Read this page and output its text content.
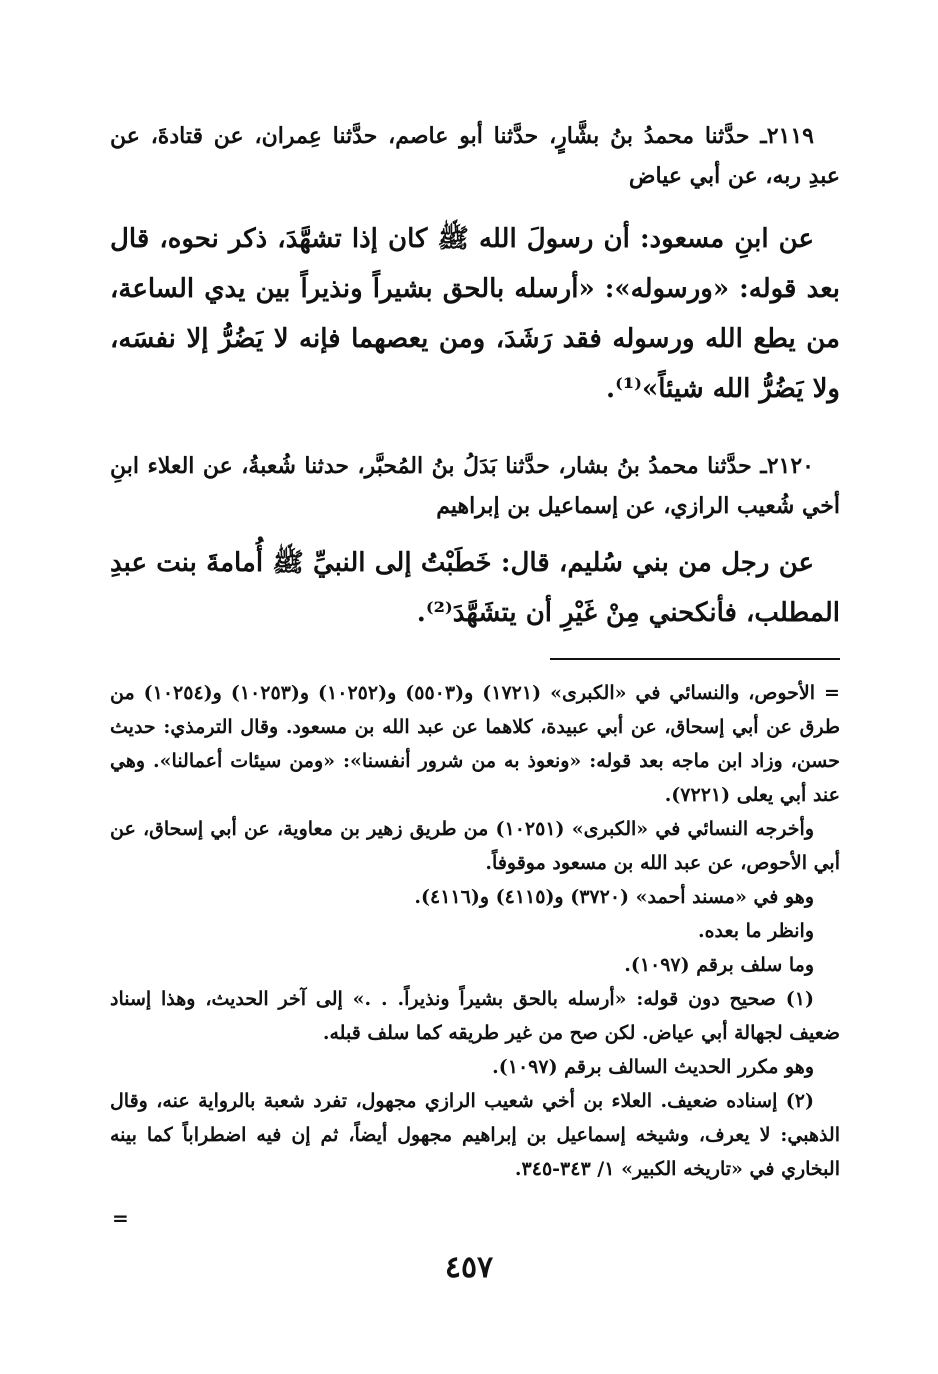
٢١١٩ـ حدَّثنا محمدُ بنُ بشَّارٍ، حدَّثنا أبو عاصم، حدَّثنا عِمران، عن قتادةَ، عن عبدِ ربه، عن أبي عياض

عن ابنِ مسعود: أن رسولَ الله ﷺ كان إذا تشهَّدَ، ذكر نحوه، قال بعد قوله: «ورسوله»: «أرسله بالحق بشيراً ونذيراً بين يدي الساعة، من يطع الله ورسوله فقد رَشَدَ، ومن يعصهما فإنه لا يَضُرُّ إلا نفسَه، ولا يَضُرُّ الله شيئاً»⁽¹⁾.

٢١٢٠ـ حدَّثنا محمدُ بنُ بشار، حدَّثنا بَدَلُ بنُ المُحبَّر، حدثنا شُعبةُ، عن العلاء ابنِ أخي شُعيب الرازي، عن إسماعيل بن إبراهيم

عن رجل من بني سُليم، قال: خَطَبْتُ إلى النبيِّ ﷺ أُمامةَ بنت عبدِ المطلب، فأنكحني مِنْ غَيْرِ أن يتشَهَّدَ⁽²⁾.

= الأحوص، والنسائي في «الكبرى» (١٧٢١) و(٥٥٠٣) و(١٠٢٥٢) و(١٠٢٥٣) و(١٠٢٥٤) من طرق عن أبي إسحاق، عن أبي عبيدة، كلاهما عن عبد الله بن مسعود. وقال الترمذي: حديث حسن، وزاد ابن ماجه بعد قوله: «ونعوذ به من شرور أنفسنا»: «ومن سيئات أعمالنا». وهي عند أبي يعلى (٧٢٢١).

وأخرجه النسائي في «الكبرى» (١٠٢٥١) من طريق زهير بن معاوية، عن أبي إسحاق، عن أبي الأحوص، عن عبد الله بن مسعود موقوفاً.

وهو في «مسند أحمد» (٣٧٢٠) و(٤١١٥) و(٤١١٦).

وانظر ما بعده.

وما سلف برقم (١٠٩٧).

(١) صحيح دون قوله: «أرسله بالحق بشيراً ونذيراً. . .» إلى آخر الحديث، وهذا إسناد ضعيف لجهالة أبي عياض. لكن صح من غير طريقه كما سلف قبله.

وهو مكرر الحديث السالف برقم (١٠٩٧).

(٢) إسناده ضعيف. العلاء بن أخي شعيب الرازي مجهول، تفرد شعبة بالرواية عنه، وقال الذهبي: لا يعرف، وشيخه إسماعيل بن إبراهيم مجهول أيضاً، ثم إن فيه اضطراباً كما بينه البخاري في «تاريخه الكبير» ١/ ٣٤٣-٣٤٥.

=
٤٥٧
